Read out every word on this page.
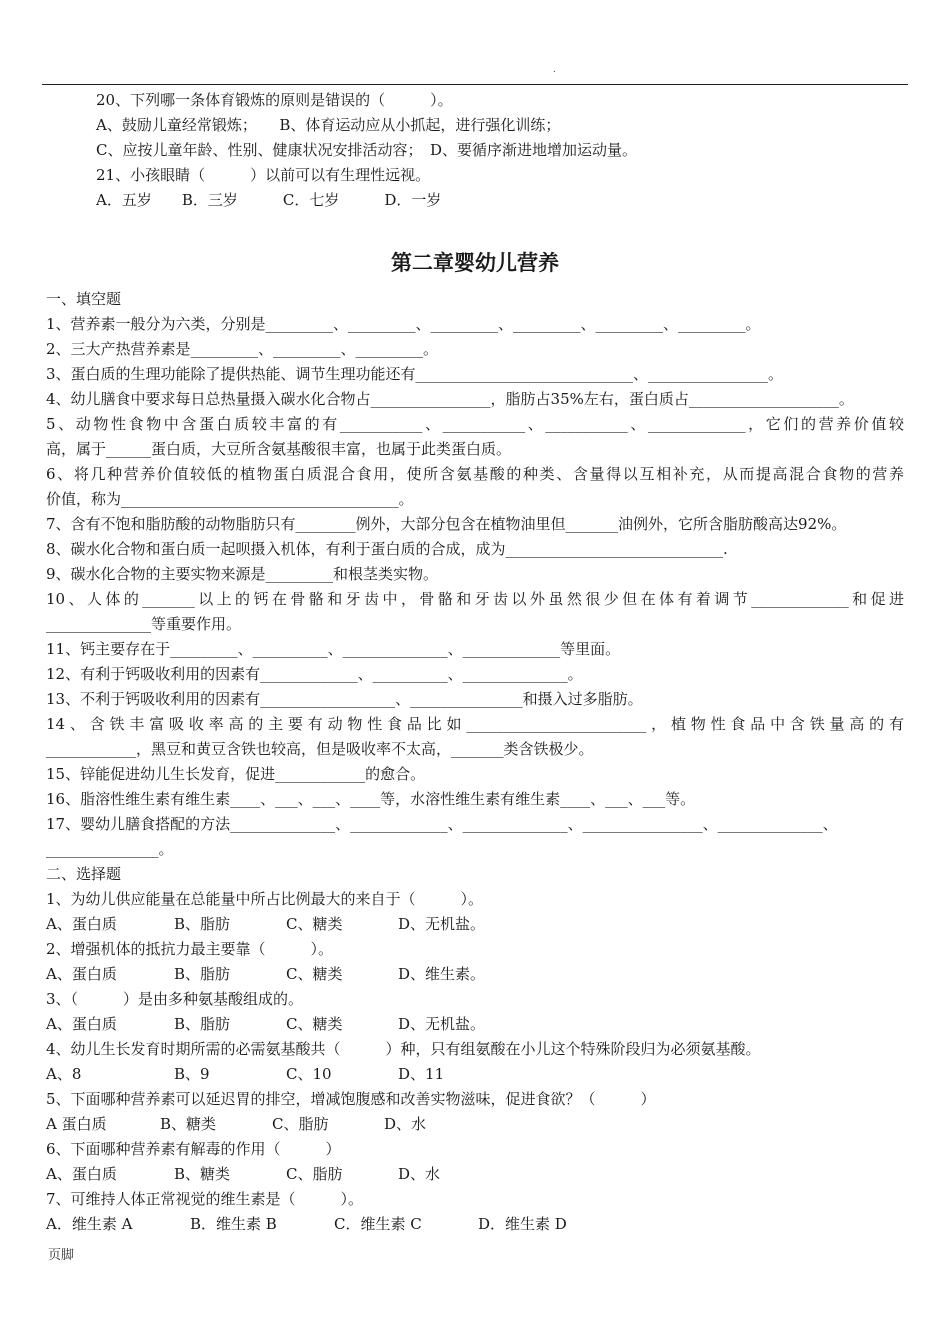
.
20、下列哪一条体育锻炼的原则是错误的（　　　）。
A、鼓励儿童经常锻炼；　　B、体育运动应从小抓起，进行强化训练；
C、应按儿童年龄、性别、健康状况安排活动容；　D、要循序渐进地增加运动量。
21、小孩眼睛（　　　）以前可以有生理性远视。
A．五岁　　B．三岁　　　C．七岁　　　D．一岁
第二章婴幼儿营养
一、填空题
1、营养素一般分为六类，分别是_________、_________、_________、_________、_________、_________。
2、三大产热营养素是_________、_________、_________。
3、蛋白质的生理功能除了提供热能、调节生理功能还有_____________________________、________________。
4、幼儿膳食中要求每日总热量摄入碳水化合物占________________，脂肪占35%左右，蛋白质占____________________。
5、动物性食物中含蛋白质较丰富的有___________、___________、___________、_____________，它们的营养价值较
高，属于______蛋白质，大豆所含氨基酸很丰富，也属于此类蛋白质。
6、将几种营养价值较低的植物蛋白质混合食用，使所含氨基酸的种类、含量得以互相补充，从而提高混合食物的营养
价值，称为_____________________________________。
7、含有不饱和脂肪酸的动物脂肪只有________例外，大部分包含在植物油里但_______油例外，它所含脂肪酸高达92%。
8、碳水化合物和蛋白质一起呗摄入机体，有利于蛋白质的合成，成为_____________________________.
9、碳水化合物的主要实物来源是_________和根茎类实物。
10、人体的_______以上的钙在骨骼和牙齿中，骨骼和牙齿以外虽然很少但在体有着调节_____________和促进
______________等重要作用。
11、钙主要存在于_________、__________、______________、_____________等里面。
12、有利于钙吸收利用的因素有_____________、__________、______________。
13、不利于钙吸收利用的因素有__________________、_______________和摄入过多脂肪。
14、含铁丰富吸收率高的主要有动物性食品比如________________________，植物性食品中含铁量高的有
____________，黑豆和黄豆含铁也较高，但是吸收率不太高，_______类含铁极少。
15、锌能促进幼儿生长发育，促进____________的愈合。
16、脂溶性维生素有维生素____、___、___、____等，水溶性维生素有维生素____、___、___等。
17、婴幼儿膳食搭配的方法______________、_____________、______________、________________、______________、
_______________。
二、选择题
1、为幼儿供应能量在总能量中所占比例最大的来自于（　　　）。
A、蛋白质	B、脂肪	C、糖类	D、无机盐。
2、增强机体的抵抗力最主要靠（　　　）。
A、蛋白质	B、脂肪	C、糖类	D、维生素。
3、（　　　）是由多种氨基酸组成的。
A、蛋白质	B、脂肪	C、糖类	D、无机盐。
4、幼儿生长发育时期所需的必需氨基酸共（　　　）种，只有组氨酸在小儿这个特殊阶段归为必须氨基酸。
A、8	B、9	C、10	D、11
5、下面哪种营养素可以延迟胃的排空，增减饱腹感和改善实物滋味，促进食欲？（　　　）
A 蛋白质	B、糖类	C、脂肪	D、水
6、下面哪种营养素有解毒的作用（　　　）
A、蛋白质	B、糖类	C、脂肪	D、水
7、可维持人体正常视觉的维生素是（　　　）。
A．维生素 A	B．维生素 B	C．维生素 C	D．维生素 D
页脚
